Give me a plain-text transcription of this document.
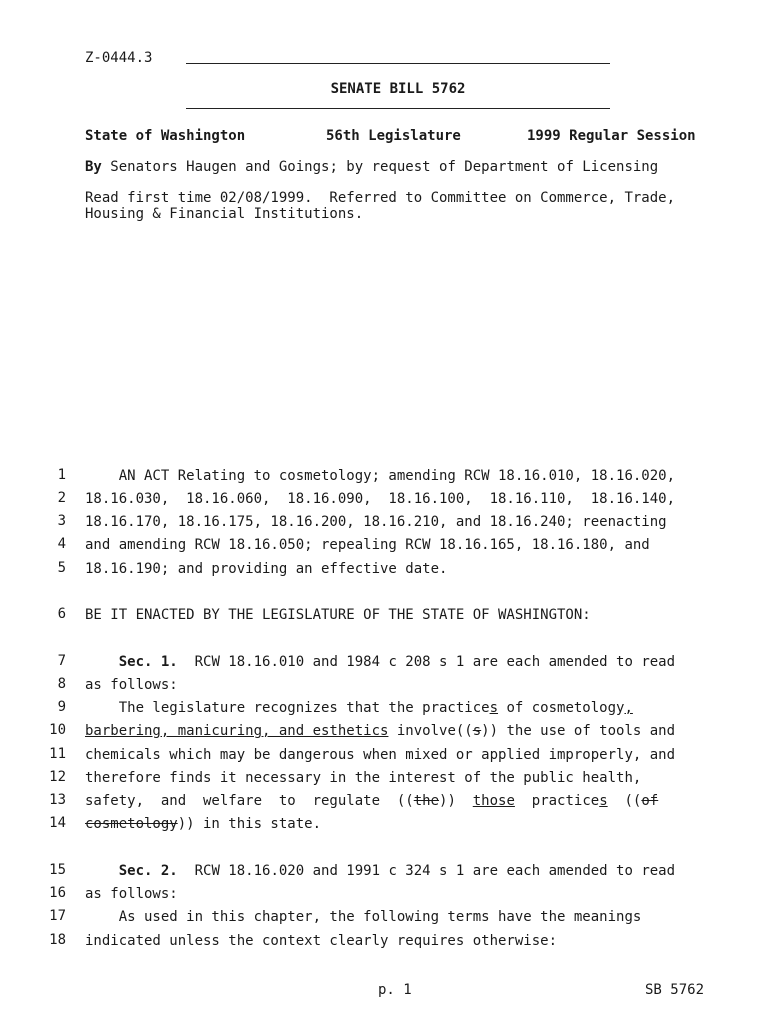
Z-0444.3
SENATE BILL 5762
State of Washington	56th Legislature	1999 Regular Session
By Senators Haugen and Goings; by request of Department of Licensing
Read first time 02/08/1999.  Referred to Committee on Commerce, Trade,
Housing & Financial Institutions.
1 AN ACT Relating to cosmetology; amending RCW 18.16.010, 18.16.020,
2 18.16.030,  18.16.060,  18.16.090,  18.16.100,  18.16.110,  18.16.140,
3 18.16.170, 18.16.175, 18.16.200, 18.16.210, and 18.16.240; reenacting
4 and amending RCW 18.16.050; repealing RCW 18.16.165, 18.16.180, and
5 18.16.190; and providing an effective date.
6 BE IT ENACTED BY THE LEGISLATURE OF THE STATE OF WASHINGTON:
7	Sec. 1.  RCW 18.16.010 and 1984 c 208 s 1 are each amended to read
8 as follows:
9 The legislature recognizes that the practices of cosmetology,
10 barbering, manicuring, and esthetics involve((s)) the use of tools and
11 chemicals which may be dangerous when mixed or applied improperly, and
12 therefore finds it necessary in the interest of the public health,
13 safety,  and  welfare  to  regulate  ((the))  those  practices  ((of
14 cosmetology)) in this state.
15	Sec. 2.  RCW 18.16.020 and 1991 c 324 s 1 are each amended to read
16 as follows:
17 As used in this chapter, the following terms have the meanings
18 indicated unless the context clearly requires otherwise:
p. 1	SB 5762
